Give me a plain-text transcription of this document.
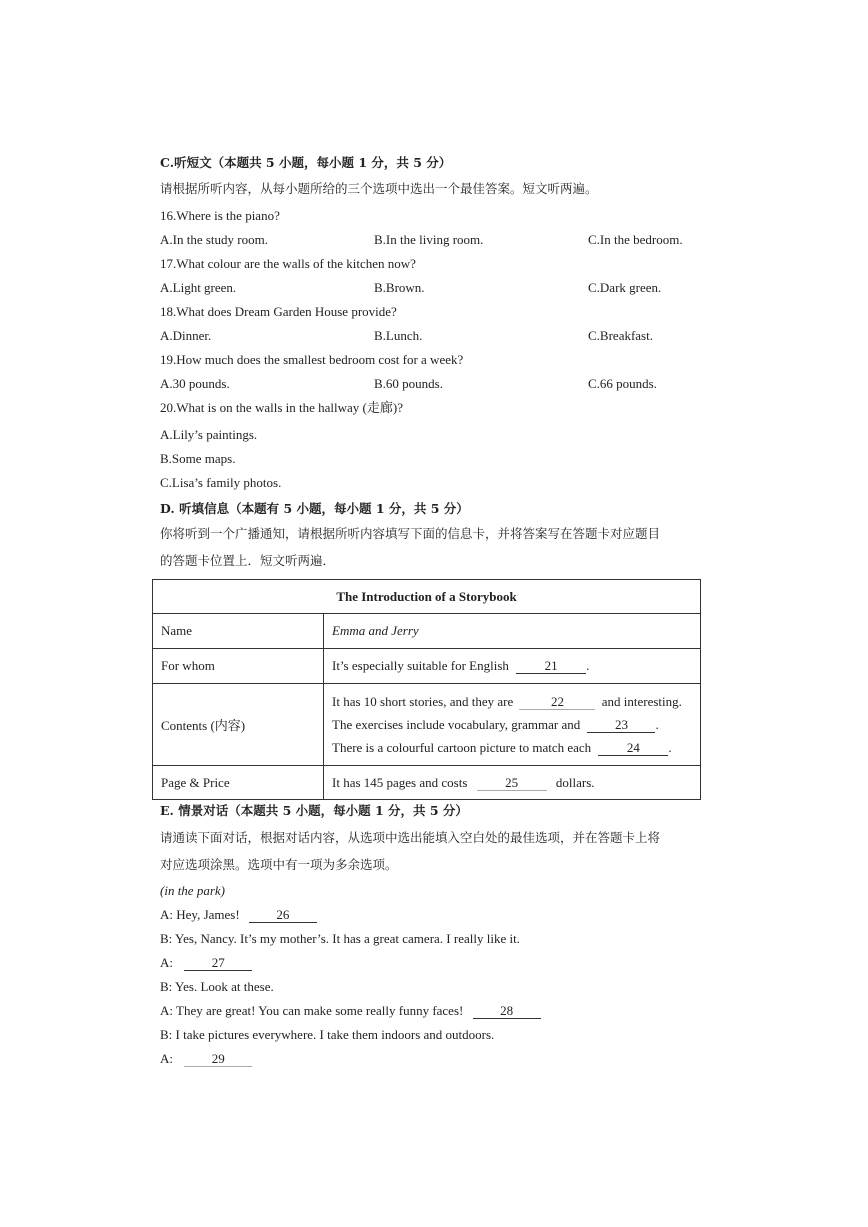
C.听短文（本题共 5 小题，每小题 1 分，共 5 分）
请根据所听内容，从每小题所给的三个选项中选出一个最佳答案。短文听两遍。
16.Where is the piano?
A.In the study room.	B.In the living room.	C.In the bedroom.
17.What colour are the walls of the kitchen now?
A.Light green.	B.Brown.	C.Dark green.
18.What does Dream Garden House provide?
A.Dinner.	B.Lunch.	C.Breakfast.
19.How much does the smallest bedroom cost for a week?
A.30 pounds.	B.60 pounds.	C.66 pounds.
20.What is on the walls in the hallway (走廊)?
A.Lily’s paintings.
B.Some maps.
C.Lisa’s family photos.
D. 听填信息（本题有 5 小题，每小题 1 分，共 5 分）
你将听到一个广播通知，请根据所听内容填写下面的信息卡，并将答案写在答题卡对应题目
的答题卡位置上．短文听两遍．
The Introduction of a Storybook	
Name	Emma and Jerry
For whom	It’s especially suitable for English 21 .
Contents (内容)	It has 10 short stories, and they are 22 and interesting.
The exercises include vocabulary, grammar and 23 .
There is a colourful cartoon picture to match each 24 .

Page & Price	It has 145 pages and costs 25 dollars.
E. 情景对话（本题共 5 小题，每小题 1 分，共 5 分）
请通读下面对话，根据对话内容，从选项中选出能填入空白处的最佳选项，并在答题卡上将
对应选项涂黑。选项中有一项为多余选项。
(in the park)
A: Hey, James!	26
B: Yes, Nancy. It’s my mother’s. It has a great camera. I really like it.
A:	27
B: Yes. Look at these.
A: They are great! You can make some really funny faces!	28
B: I take pictures everywhere. I take them indoors and outdoors.
A:	29
